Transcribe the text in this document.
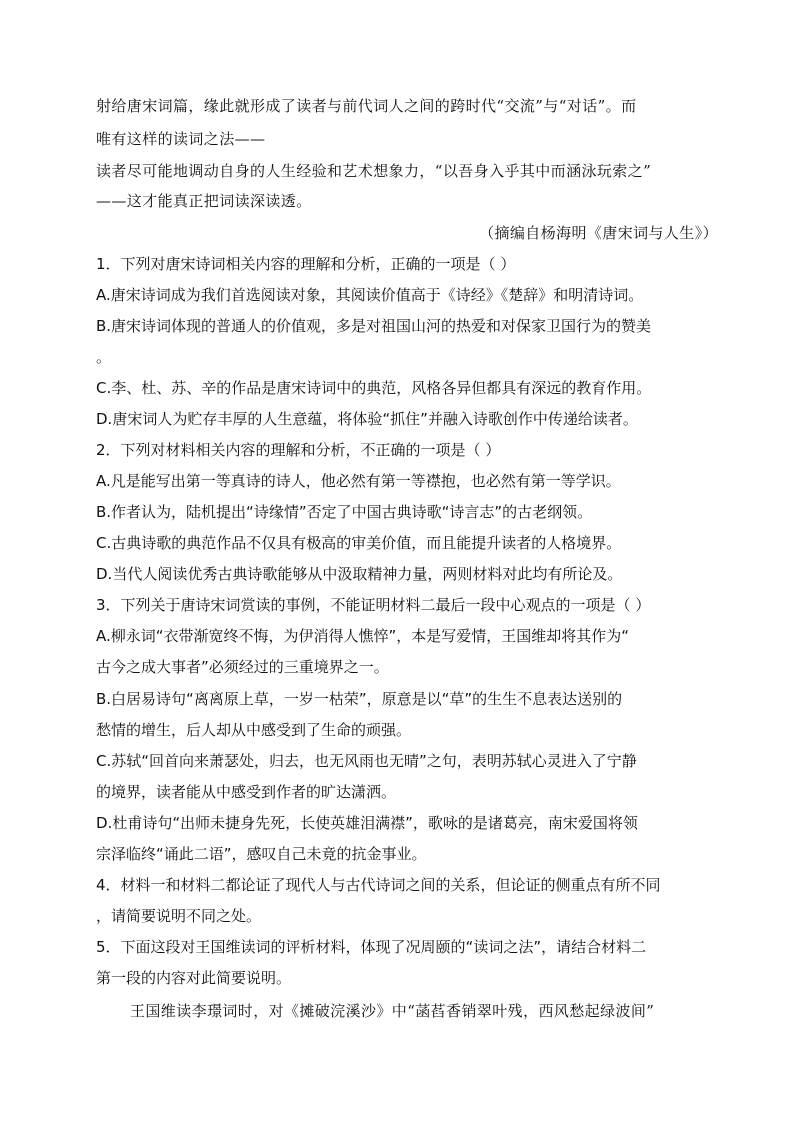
射给唐宋词篇，缘此就形成了读者与前代词人之间的跨时代“交流”与“对话”。而
唯有这样的读词之法——
读者尽可能地调动自身的人生经验和艺术想象力，“以吾身入乎其中而涵泳玩索之”
——这才能真正把词读深读透。
（摘编自杨海明《唐宋词与人生》）
1．下列对唐宋诗词相关内容的理解和分析，正确的一项是（ ）
A.唐宋诗词成为我们首选阅读对象，其阅读价值高于《诗经》《楚辞》和明清诗词。
B.唐宋诗词体现的普通人的价值观，多是对祖国山河的热爱和对保家卫国行为的赞美
。
C.李、杜、苏、辛的作品是唐宋诗词中的典范，风格各异但都具有深远的教育作用。
D.唐宋词人为贮存丰厚的人生意蕴，将体验“抓住”并融入诗歌创作中传递给读者。
2．下列对材料相关内容的理解和分析，不正确的一项是（ ）
A.凡是能写出第一等真诗的诗人，他必然有第一等襟抱，也必然有第一等学识。
B.作者认为，陆机提出“诗缘情”否定了中国古典诗歌“诗言志”的古老纲领。
C.古典诗歌的典范作品不仅具有极高的审美价值，而且能提升读者的人格境界。
D.当代人阅读优秀古典诗歌能够从中汲取精神力量，两则材料对此均有所论及。
3．下列关于唐诗宋词赏读的事例，不能证明材料二最后一段中心观点的一项是（ ）
A.柳永词“衣带渐宽终不悔，为伊消得人憔悴”，本是写爱情，王国维却将其作为“
古今之成大事者”必须经过的三重境界之一。
B.白居易诗句“离离原上草，一岁一枯荣”，原意是以“草”的生生不息表达送别的
愁情的增生，后人却从中感受到了生命的顽强。
C.苏轼“回首向来萧瑟处，归去，也无风雨也无晴”之句，表明苏轼心灵进入了宁静
的境界，读者能从中感受到作者的旷达潇洒。
D.杜甫诗句“出师未捷身先死，长使英雄泪满襟”，歌咏的是诸葛亮，南宋爱国将领
宗泽临终“诵此二语”，感叹自己未竟的抗金事业。
4．材料一和材料二都论证了现代人与古代诗词之间的关系，但论证的侧重点有所不同
，请简要说明不同之处。
5．下面这段对王国维读词的评析材料，体现了况周颐的“读词之法”，请结合材料二
第一段的内容对此简要说明。
王国维读李璟词时，对《摊破浣溪沙》中“菡萏香销翠叶残，西风愁起绿波间”
